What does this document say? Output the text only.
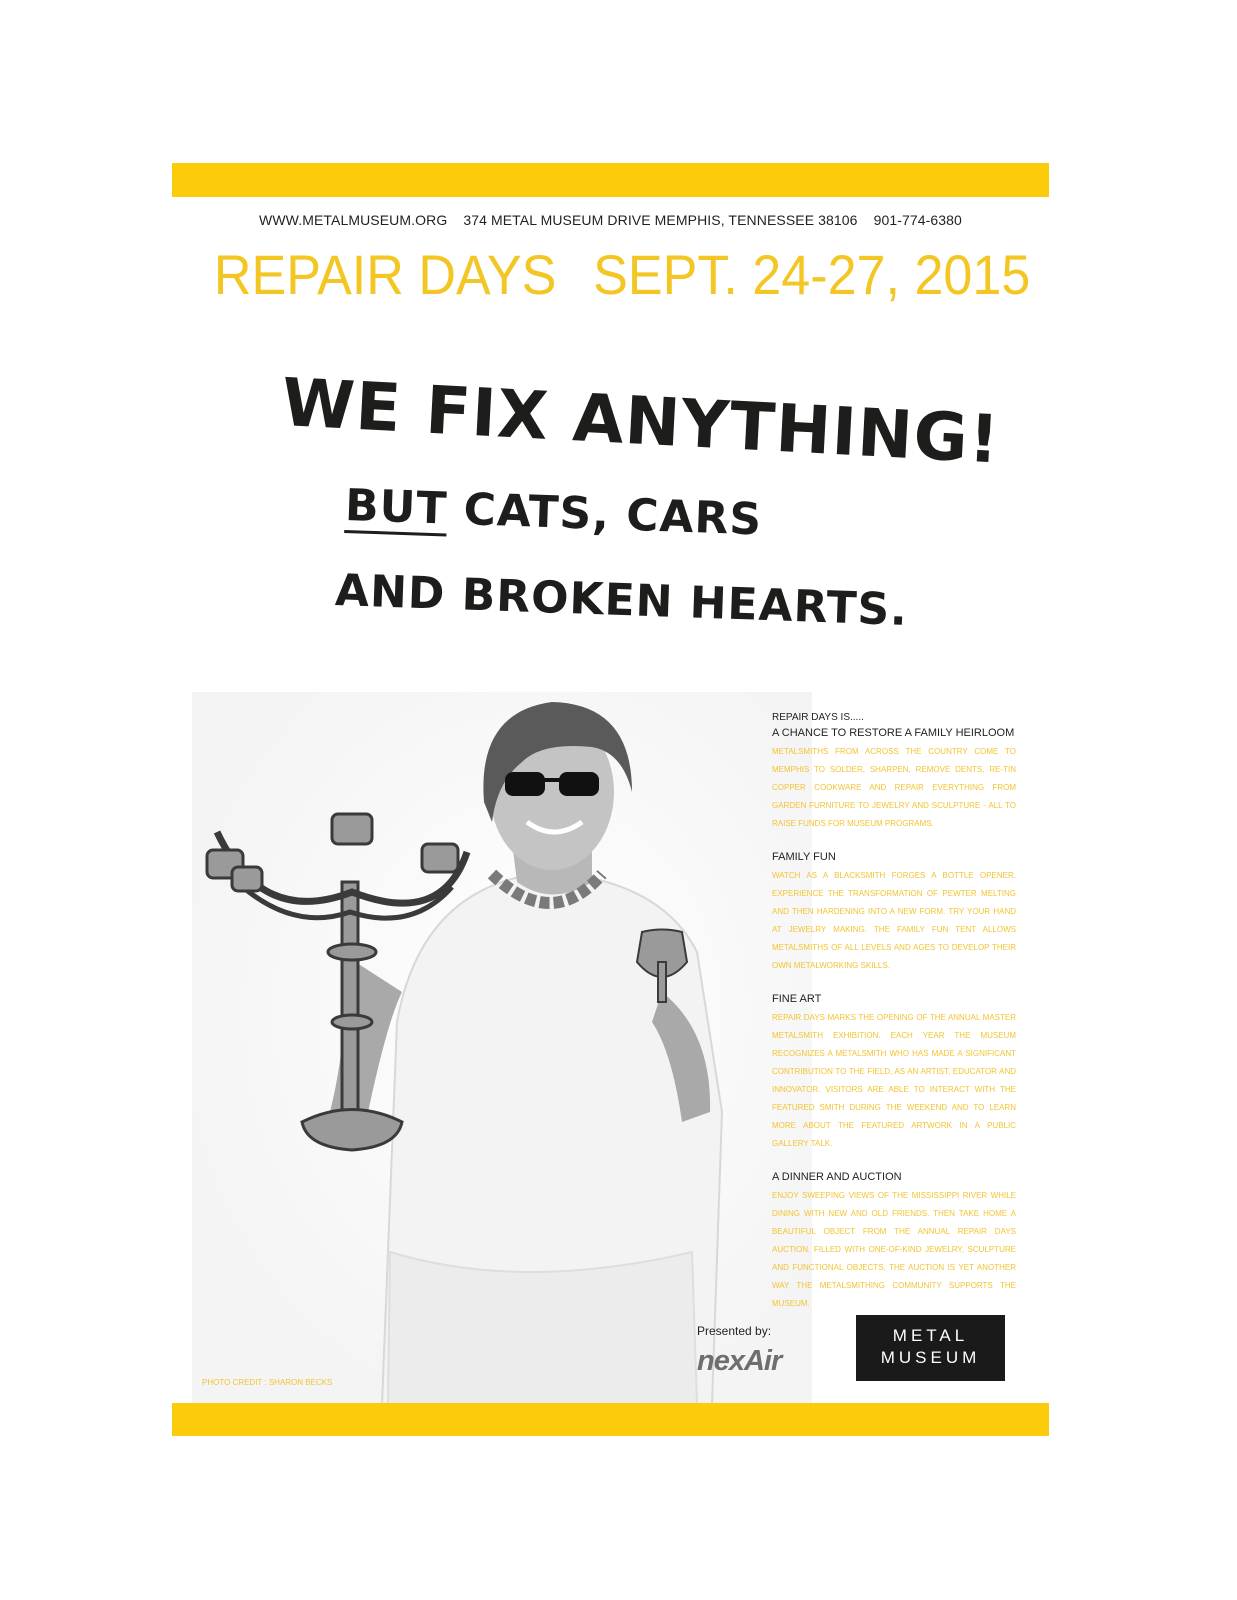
WWW.METALMUSEUM.ORG 374 METAL MUSEUM DRIVE MEMPHIS, TENNESSEE 38106 901-774-6380
REPAIR DAYS SEPT. 24-27, 2015
WE FIX ANYTHING!
BUT CATS, CARS
AND BROKEN HEARTS.

REPAIR DAYS IS.....

A CHANCE TO RESTORE A FAMILY HEIRLOOM

METALSMITHS FROM ACROSS THE COUNTRY COME TO MEMPHIS TO SOLDER, SHARPEN, REMOVE DENTS, RE-TIN COPPER COOKWARE AND REPAIR EVERYTHING FROM GARDEN FURNITURE TO JEWELRY AND SCULPTURE - ALL TO RAISE FUNDS FOR MUSEUM PROGRAMS.

FAMILY FUN

WATCH AS A BLACKSMITH FORGES A BOTTLE OPENER. EXPERIENCE THE TRANSFORMATION OF PEWTER MELTING AND THEN HARDENING INTO A NEW FORM. TRY YOUR HAND AT JEWELRY MAKING. THE FAMILY FUN TENT ALLOWS METALSMITHS OF ALL LEVELS AND AGES TO DEVELOP THEIR OWN METALWORKING SKILLS.

FINE ART

REPAIR DAYS MARKS THE OPENING OF THE ANNUAL MASTER METALSMITH EXHIBITION. EACH YEAR THE MUSEUM RECOGNIZES A METALSMITH WHO HAS MADE A SIGNIFICANT CONTRIBUTION TO THE FIELD, AS AN ARTIST, EDUCATOR AND INNOVATOR. VISITORS ARE ABLE TO INTERACT WITH THE FEATURED SMITH DURING THE WEEKEND AND TO LEARN MORE ABOUT THE FEATURED ARTWORK IN A PUBLIC GALLERY TALK.

A DINNER AND AUCTION

ENJOY SWEEPING VIEWS OF THE MISSISSIPPI RIVER WHILE DINING WITH NEW AND OLD FRIENDS. THEN TAKE HOME A BEAUTIFUL OBJECT FROM THE ANNUAL REPAIR DAYS AUCTION. FILLED WITH ONE-OF-KIND JEWELRY, SCULPTURE AND FUNCTIONAL OBJECTS, THE AUCTION IS YET ANOTHER WAY THE METALSMITHING COMMUNITY SUPPORTS THE MUSEUM.

Presented by:
nexAir
METAL
MUSEUM
PHOTO CREDIT : SHARON BECKS
